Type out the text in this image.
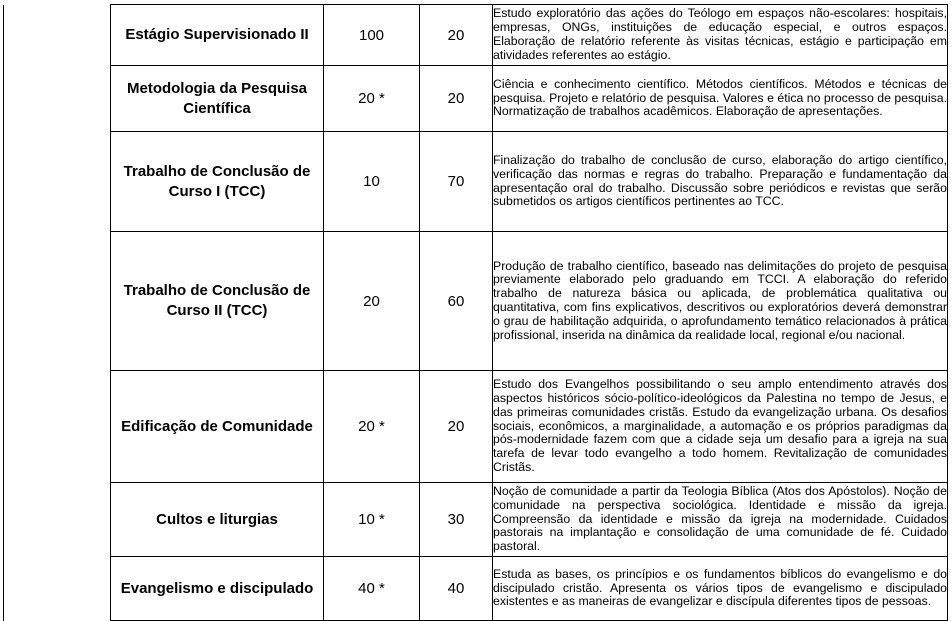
	Estágio Supervisionado II	100	20	Estudo exploratório das ações do Teólogo em espaços não-escolares: hospitais, empresas, ONGs, instituições de educação especial, e outros espaços. Elaboração de relatório referente às visitas técnicas, estágio e participação em atividades referentes ao estágio.
	Metodologia da Pesquisa Científica	20 *	20	Ciência e conhecimento científico. Métodos científicos. Métodos e técnicas de pesquisa. Projeto e relatório de pesquisa. Valores e ética no processo de pesquisa. Normatização de trabalhos acadêmicos. Elaboração de apresentações.
	Trabalho de Conclusão de Curso I (TCC)	10	70	Finalização do trabalho de conclusão de curso, elaboração do artigo científico, verificação das normas e regras do trabalho. Preparação e fundamentação da apresentação oral do trabalho. Discussão sobre periódicos e revistas que serão submetidos os artigos científicos pertinentes ao TCC.
	Trabalho de Conclusão de Curso II (TCC)	20	60	Produção de trabalho científico, baseado nas delimitações do projeto de pesquisa previamente elaborado pelo graduando em TCCI. A elaboração do referido trabalho de natureza básica ou aplicada, de problemática qualitativa ou quantitativa, com fins explicativos, descritivos ou exploratórios deverá demonstrar o grau de habilitação adquirida, o aprofundamento temático relacionados à prática profissional, inserida na dinâmica da realidade local, regional e/ou nacional.
	Edificação de Comunidade	20 *	20	Estudo dos Evangelhos possibilitando o seu amplo entendimento através dos aspectos históricos sócio-político-ideológicos da Palestina no tempo de Jesus, e das primeiras comunidades cristãs. Estudo da evangelização urbana. Os desafios sociais, econômicos, a marginalidade, a automação e os próprios paradigmas da pós-modernidade fazem com que a cidade seja um desafio para a igreja na sua tarefa de levar todo evangelho a todo homem. Revitalização de comunidades Cristãs.
	Cultos e liturgias	10 *	30	Noção de comunidade a partir da Teologia Bíblica (Atos dos Apóstolos). Noção de comunidade na perspectiva sociológica. Identidade e missão da igreja. Compreensão da identidade e missão da igreja na modernidade. Cuidados pastorais na implantação e consolidação de uma comunidade de fé. Cuidado pastoral.
	Evangelismo e discipulado	40 *	40	Estuda as bases, os princípios e os fundamentos bíblicos do evangelismo e do discipulado cristão. Apresenta os vários tipos de evangelismo e discipulado existentes e as maneiras de evangelizar e discípula diferentes tipos de pessoas.
